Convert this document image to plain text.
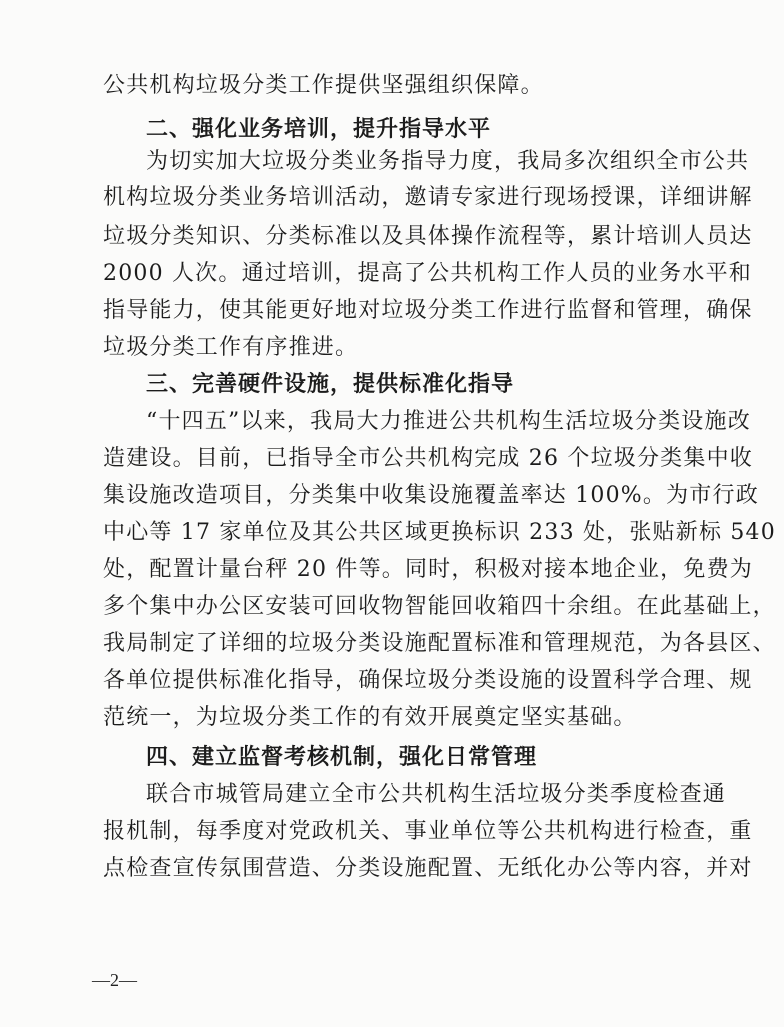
公共机构垃圾分类工作提供坚强组织保障。
二、强化业务培训，提升指导水平
为切实加大垃圾分类业务指导力度，我局多次组织全市公共
机构垃圾分类业务培训活动，邀请专家进行现场授课，详细讲解
垃圾分类知识、分类标准以及具体操作流程等，累计培训人员达
2000 人次。通过培训，提高了公共机构工作人员的业务水平和
指导能力，使其能更好地对垃圾分类工作进行监督和管理，确保
垃圾分类工作有序推进。
三、完善硬件设施，提供标准化指导
“十四五”以来，我局大力推进公共机构生活垃圾分类设施改
造建设。目前，已指导全市公共机构完成 26 个垃圾分类集中收
集设施改造项目，分类集中收集设施覆盖率达 100%。为市行政
中心等 17 家单位及其公共区域更换标识 233 处，张贴新标 540
处，配置计量台秤 20 件等。同时，积极对接本地企业，免费为
多个集中办公区安装可回收物智能回收箱四十余组。在此基础上，
我局制定了详细的垃圾分类设施配置标准和管理规范，为各县区、
各单位提供标准化指导，确保垃圾分类设施的设置科学合理、规
范统一，为垃圾分类工作的有效开展奠定坚实基础。
四、建立监督考核机制，强化日常管理
联合市城管局建立全市公共机构生活垃圾分类季度检查通
报机制，每季度对党政机关、事业单位等公共机构进行检查，重
点检查宣传氛围营造、分类设施配置、无纸化办公等内容，并对
—2—
